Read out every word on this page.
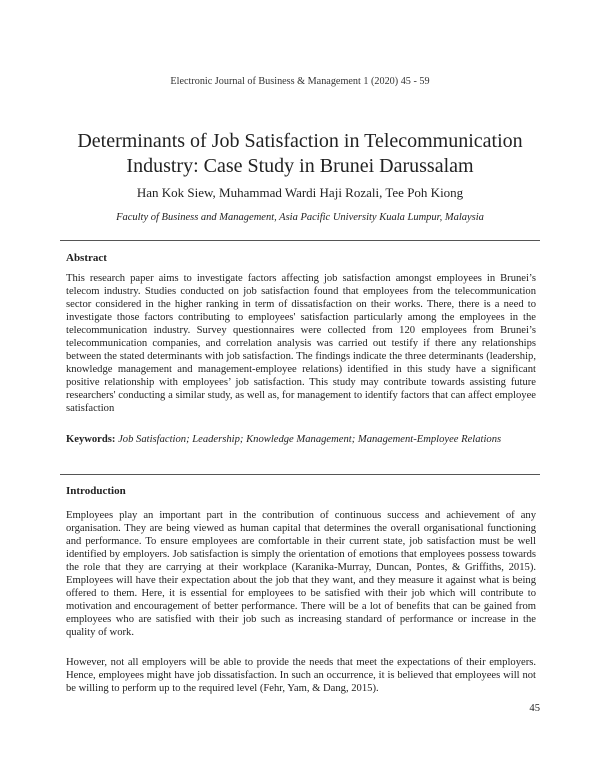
Electronic Journal of Business & Management 1 (2020) 45 - 59
Determinants of Job Satisfaction in Telecommunication
Industry: Case Study in Brunei Darussalam
Han Kok Siew, Muhammad Wardi Haji Rozali, Tee Poh Kiong
Faculty of Business and Management, Asia Pacific University Kuala Lumpur, Malaysia
Abstract

This research paper aims to investigate factors affecting job satisfaction amongst employees in Brunei’s telecom industry. Studies conducted on job satisfaction found that employees from the telecommunication sector considered in the higher ranking in term of dissatisfaction on their works. There, there is a need to investigate those factors contributing to employees' satisfaction particularly among the employees in the telecommunication industry. Survey questionnaires were collected from 120 employees from Brunei’s telecommunication companies, and correlation analysis was carried out testify if there any relationships between the stated determinants with job satisfaction. The findings indicate the three determinants (leadership, knowledge management and management-employee relations) identified in this study have a significant positive relationship with employees’ job satisfaction. This study may contribute towards assisting future researchers' conducting a similar study, as well as, for management to identify factors that can affect employee satisfaction

Keywords: Job Satisfaction; Leadership; Knowledge Management; Management-Employee Relations
Introduction

Employees play an important part in the contribution of continuous success and achievement of any organisation. They are being viewed as human capital that determines the overall organisational functioning and performance. To ensure employees are comfortable in their current state, job satisfaction must be well identified by employers. Job satisfaction is simply the orientation of emotions that employees possess towards the role that they are carrying at their workplace (Karanika-Murray, Duncan, Pontes, & Griffiths, 2015). Employees will have their expectation about the job that they want, and they measure it against what is being offered to them. Here, it is essential for employees to be satisfied with their job which will contribute to motivation and encouragement of better performance. There will be a lot of benefits that can be gained from employees who are satisfied with their job such as increasing standard of performance or increase in the quality of work.

However, not all employers will be able to provide the needs that meet the expectations of their employers. Hence, employees might have job dissatisfaction. In such an occurrence, it is believed that employees will not be willing to perform up to the required level (Fehr, Yam, & Dang, 2015).

45
